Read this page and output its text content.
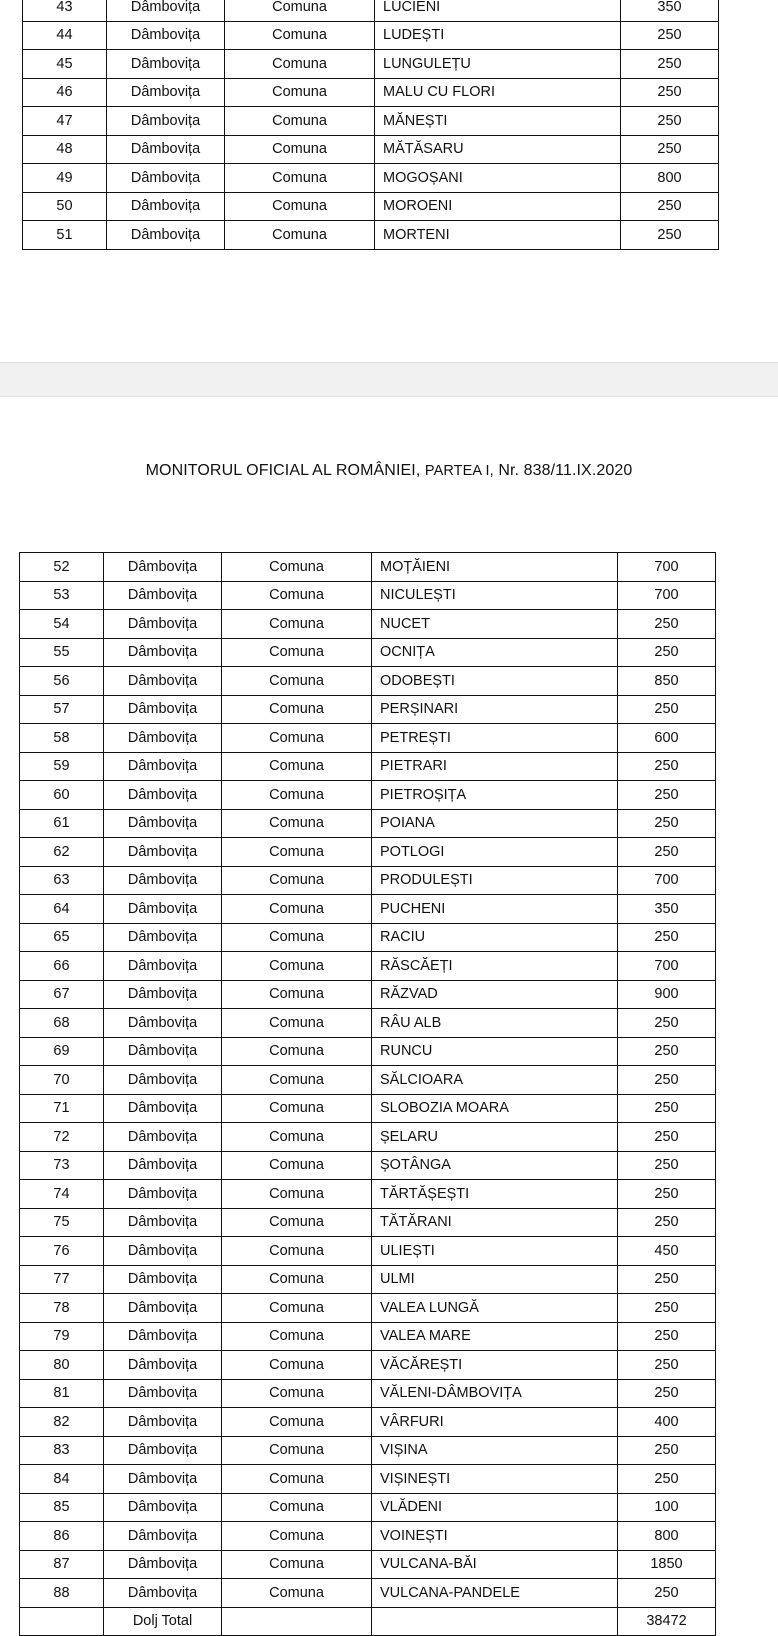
43	Dâmbovița	Comuna	LUCIENI	350
44	Dâmbovița	Comuna	LUDEȘTI	250
45	Dâmbovița	Comuna	LUNGULEȚU	250
46	Dâmbovița	Comuna	MALU CU FLORI	250
47	Dâmbovița	Comuna	MĂNEȘTI	250
48	Dâmbovița	Comuna	MĂTĂSARU	250
49	Dâmbovița	Comuna	MOGOȘANI	800
50	Dâmbovița	Comuna	MOROENI	250
51	Dâmbovița	Comuna	MORTENI	250
MONITORUL OFICIAL AL ROMÂNIEI, PARTEA I, Nr. 838/11.IX.2020
52	Dâmbovița	Comuna	MOȚĂIENI	700
53	Dâmbovița	Comuna	NICULEȘTI	700
54	Dâmbovița	Comuna	NUCET	250
55	Dâmbovița	Comuna	OCNIȚA	250
56	Dâmbovița	Comuna	ODOBEȘTI	850
57	Dâmbovița	Comuna	PERȘINARI	250
58	Dâmbovița	Comuna	PETREȘTI	600
59	Dâmbovița	Comuna	PIETRARI	250
60	Dâmbovița	Comuna	PIETROȘIȚA	250
61	Dâmbovița	Comuna	POIANA	250
62	Dâmbovița	Comuna	POTLOGI	250
63	Dâmbovița	Comuna	PRODULEȘTI	700
64	Dâmbovița	Comuna	PUCHENI	350
65	Dâmbovița	Comuna	RACIU	250
66	Dâmbovița	Comuna	RĂSCĂEȚI	700
67	Dâmbovița	Comuna	RĂZVAD	900
68	Dâmbovița	Comuna	RÂU ALB	250
69	Dâmbovița	Comuna	RUNCU	250
70	Dâmbovița	Comuna	SĂLCIOARA	250
71	Dâmbovița	Comuna	SLOBOZIA MOARA	250
72	Dâmbovița	Comuna	ȘELARU	250
73	Dâmbovița	Comuna	ȘOTÂNGA	250
74	Dâmbovița	Comuna	TĂRTĂȘEȘTI	250
75	Dâmbovița	Comuna	TĂTĂRANI	250
76	Dâmbovița	Comuna	ULIEȘTI	450
77	Dâmbovița	Comuna	ULMI	250
78	Dâmbovița	Comuna	VALEA LUNGĂ	250
79	Dâmbovița	Comuna	VALEA MARE	250
80	Dâmbovița	Comuna	VĂCĂREȘTI	250
81	Dâmbovița	Comuna	VĂLENI-DÂMBOVIȚA	250
82	Dâmbovița	Comuna	VÂRFURI	400
83	Dâmbovița	Comuna	VIȘINA	250
84	Dâmbovița	Comuna	VIȘINEȘTI	250
85	Dâmbovița	Comuna	VLĂDENI	100
86	Dâmbovița	Comuna	VOINEȘTI	800
87	Dâmbovița	Comuna	VULCANA-BĂI	1850
88	Dâmbovița	Comuna	VULCANA-PANDELE	250
	Dolj Total			38472
